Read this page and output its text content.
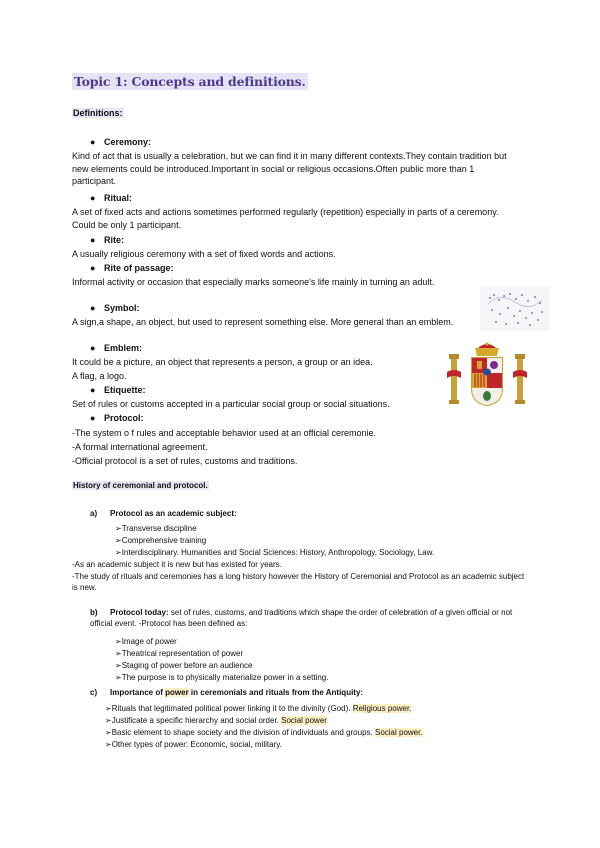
Topic 1: Concepts and definitions.
Definitions:
● Ceremony:
Kind of act that is usually a celebration, but we can find it in many different contexts.They contain tradition but new elements could be introduced.Important in social or religious occasions.Often public more than 1 participant.
● Ritual:
A set of fixed acts and actions sometimes performed regularly (repetition) especially in parts of a ceremony. Could be only 1 participant.
● Rite:
A usually religious ceremony with a set of fixed words and actions.
● Rite of passage:
Informal activity or occasion that especially marks someone's life mainly in turning an adult.
● Symbol:
A sign,a shape, an object, but used to represent something else. More general than an emblem.
● Emblem:
It could be a picture, an object that represents a person, a group or an idea.
A flag, a logo.
● Etiquette:
Set of rules or customs accepted in a particular social group or social situations.
● Protocol:
-The system o f rules and acceptable behavior used at an official ceremonie.
-A formal international agreement.
-Official protocol is a set of rules, customs and traditions.
History of ceremonial and protocol.
a) Protocol as an academic subject:
➢Transverse discipline
➢Comprehensive training
➢Interdisciplinary. Humanities and Social Sciences: History, Anthropology, Sociology, Law.
-As an academic subject it is new but has existed for years.
-The study of rituals and ceremonies has a long history however the History of Ceremonial and Protocol as an academic subject is new.
b) Protocol today: set of rules, customs, and traditions which shape the order of celebration of a given official or not official event. -Protocol has been defined as:
➢Image of power
➢Theatrical representation of power
➢Staging of power before an audience
➢The purpose is to physically materialize power in a setting.
c) Importance of power in ceremonials and rituals from the Antiquity:
➢Rituals that legitimated political power linking it to the divinity (God). Religious power.
➢Justificate a specific hierarchy and social order. Social power
➢Basic element to shape society and the division of individuals and groups. Social power.
➢Other types of power: Economic, social, military.
